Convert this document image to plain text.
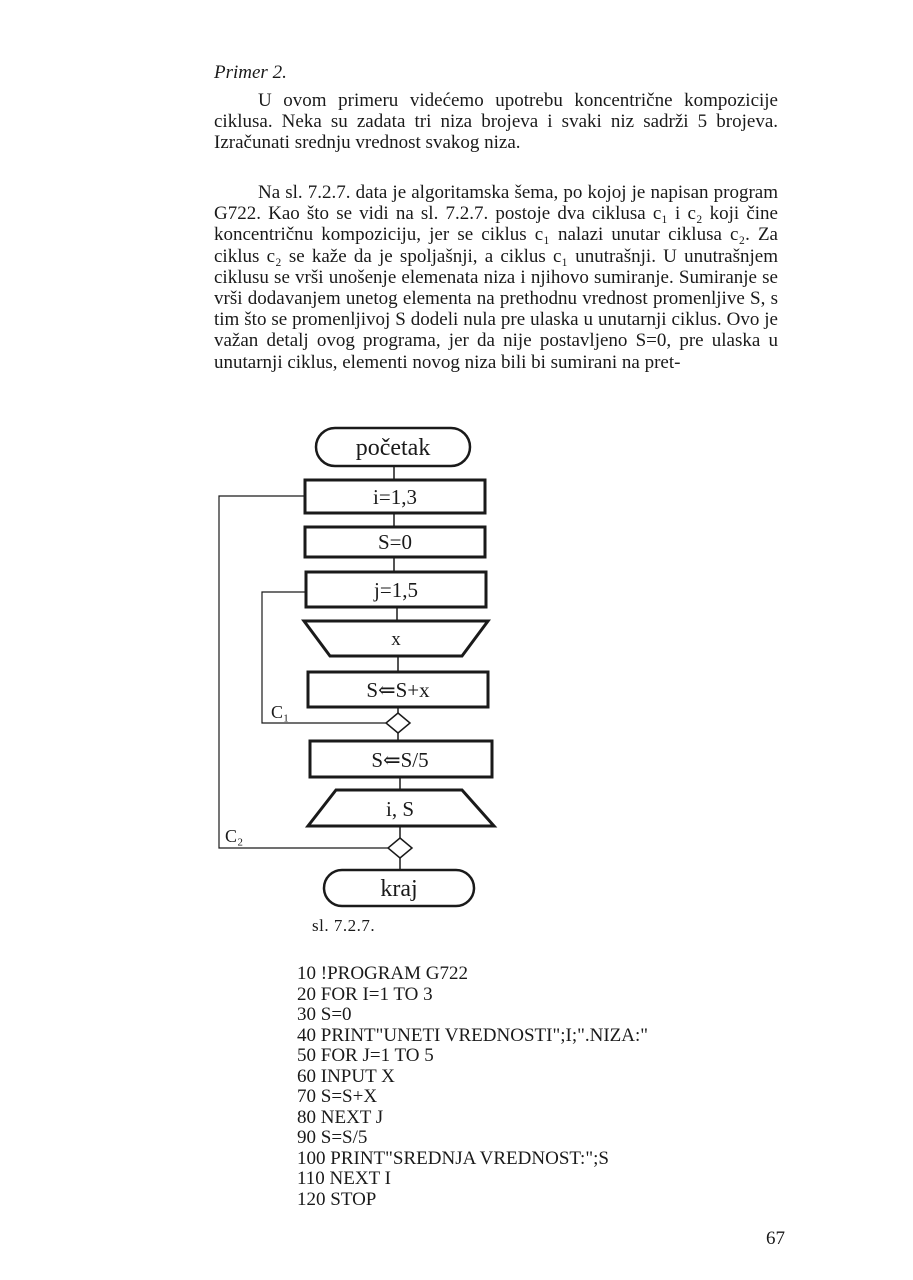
Primer 2.

U ovom primeru videćemo upotrebu koncentrične kompozicije ciklusa. Neka su zadata tri niza brojeva i svaki niz sadrži 5 brojeva. Izračunati srednju vrednost svakog niza.

Na sl. 7.2.7. data je algoritamska šema, po kojoj je napisan program G722. Kao što se vidi na sl. 7.2.7. postoje dva ciklusa c₁ i c₂ koji čine koncentričnu kompoziciju, jer se ciklus c₁ nalazi unutar ciklusa c₂. Za ciklus c₂ se kaže da je spoljašnji, a ciklus c₁ unutrašnji. U unutrašnjem ciklusu se vrši unošenje elemenata niza i njihovo sumiranje. Sumiranje se vrši dodavanjem unetog elementa na prethodnu vrednost promenljive S, s tim što se promenljivoj S dodeli nula pre ulaska u unutarnji ciklus. Ovo je važan detalj ovog programa, jer da nije postavljeno S=0, pre ulaska u unutarnji ciklus, elementi novog niza bili bi sumirani na pret-

početak
i=1,3
S=0
j=1,5
x
S⇐S+x
C₁
S⇐S/5
i, S
C₂
kraj
sl. 7.2.7.
10 !PROGRAM G722
20 FOR I=1 TO 3
30 S=0
40 PRINT"UNETI VREDNOSTI";I;".NIZA:"
50 FOR J=1 TO 5
60 INPUT X
70 S=S+X
80 NEXT J
90 S=S/5
100 PRINT"SREDNJA VREDNOST:";S
110 NEXT I
120 STOP
67
